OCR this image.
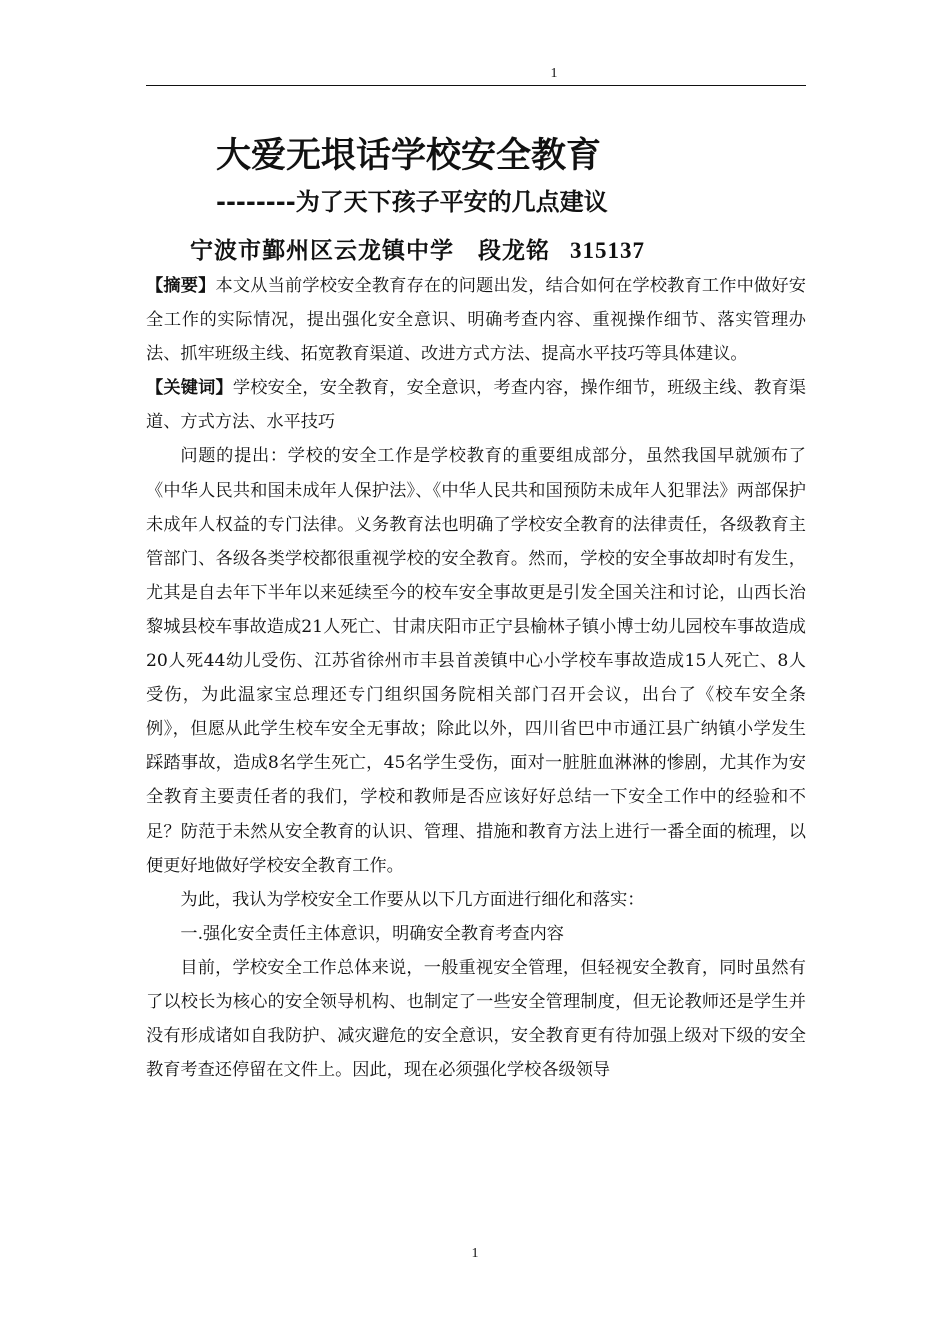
1
大爱无垠话学校安全教育
--------为了天下孩子平安的几点建议
宁波市鄞州区云龙镇中学　段龙铭 315137

【摘要】本文从当前学校安全教育存在的问题出发，结合如何在学校教育工作中做好安全工作的实际情况，提出强化安全意识、明确考查内容、重视操作细节、落实管理办法、抓牢班级主线、拓宽教育渠道、改进方式方法、提高水平技巧等具体建议。

【关键词】学校安全，安全教育，安全意识，考查内容，操作细节，班级主线、教育渠道、方式方法、水平技巧

问题的提出：学校的安全工作是学校教育的重要组成部分，虽然我国早就颁布了《中华人民共和国未成年人保护法》、《中华人民共和国预防未成年人犯罪法》两部保护未成年人权益的专门法律。义务教育法也明确了学校安全教育的法律责任，各级教育主管部门、各级各类学校都很重视学校的安全教育。然而，学校的安全事故却时有发生，尤其是自去年下半年以来延续至今的校车安全事故更是引发全国关注和讨论，山西长治黎城县校车事故造成21人死亡、甘肃庆阳市正宁县榆林子镇小博士幼儿园校车事故造成20人死44幼儿受伤、江苏省徐州市丰县首羡镇中心小学校车事故造成15人死亡、8人受伤，为此温家宝总理还专门组织国务院相关部门召开会议，出台了《校车安全条例》，但愿从此学生校车安全无事故；除此以外，四川省巴中市通江县广纳镇小学发生踩踏事故，造成8名学生死亡，45名学生受伤，面对一脏脏血淋淋的惨剧，尤其作为安全教育主要责任者的我们，学校和教师是否应该好好总结一下安全工作中的经验和不足？防范于未然从安全教育的认识、管理、措施和教育方法上进行一番全面的梳理，以便更好地做好学校安全教育工作。

为此，我认为学校安全工作要从以下几方面进行细化和落实：

一.强化安全责任主体意识，明确安全教育考查内容

目前，学校安全工作总体来说，一般重视安全管理，但轻视安全教育，同时虽然有了以校长为核心的安全领导机构、也制定了一些安全管理制度，但无论教师还是学生并没有形成诸如自我防护、减灾避危的安全意识，安全教育更有待加强上级对下级的安全教育考查还停留在文件上。因此，现在必须强化学校各级领导

1
